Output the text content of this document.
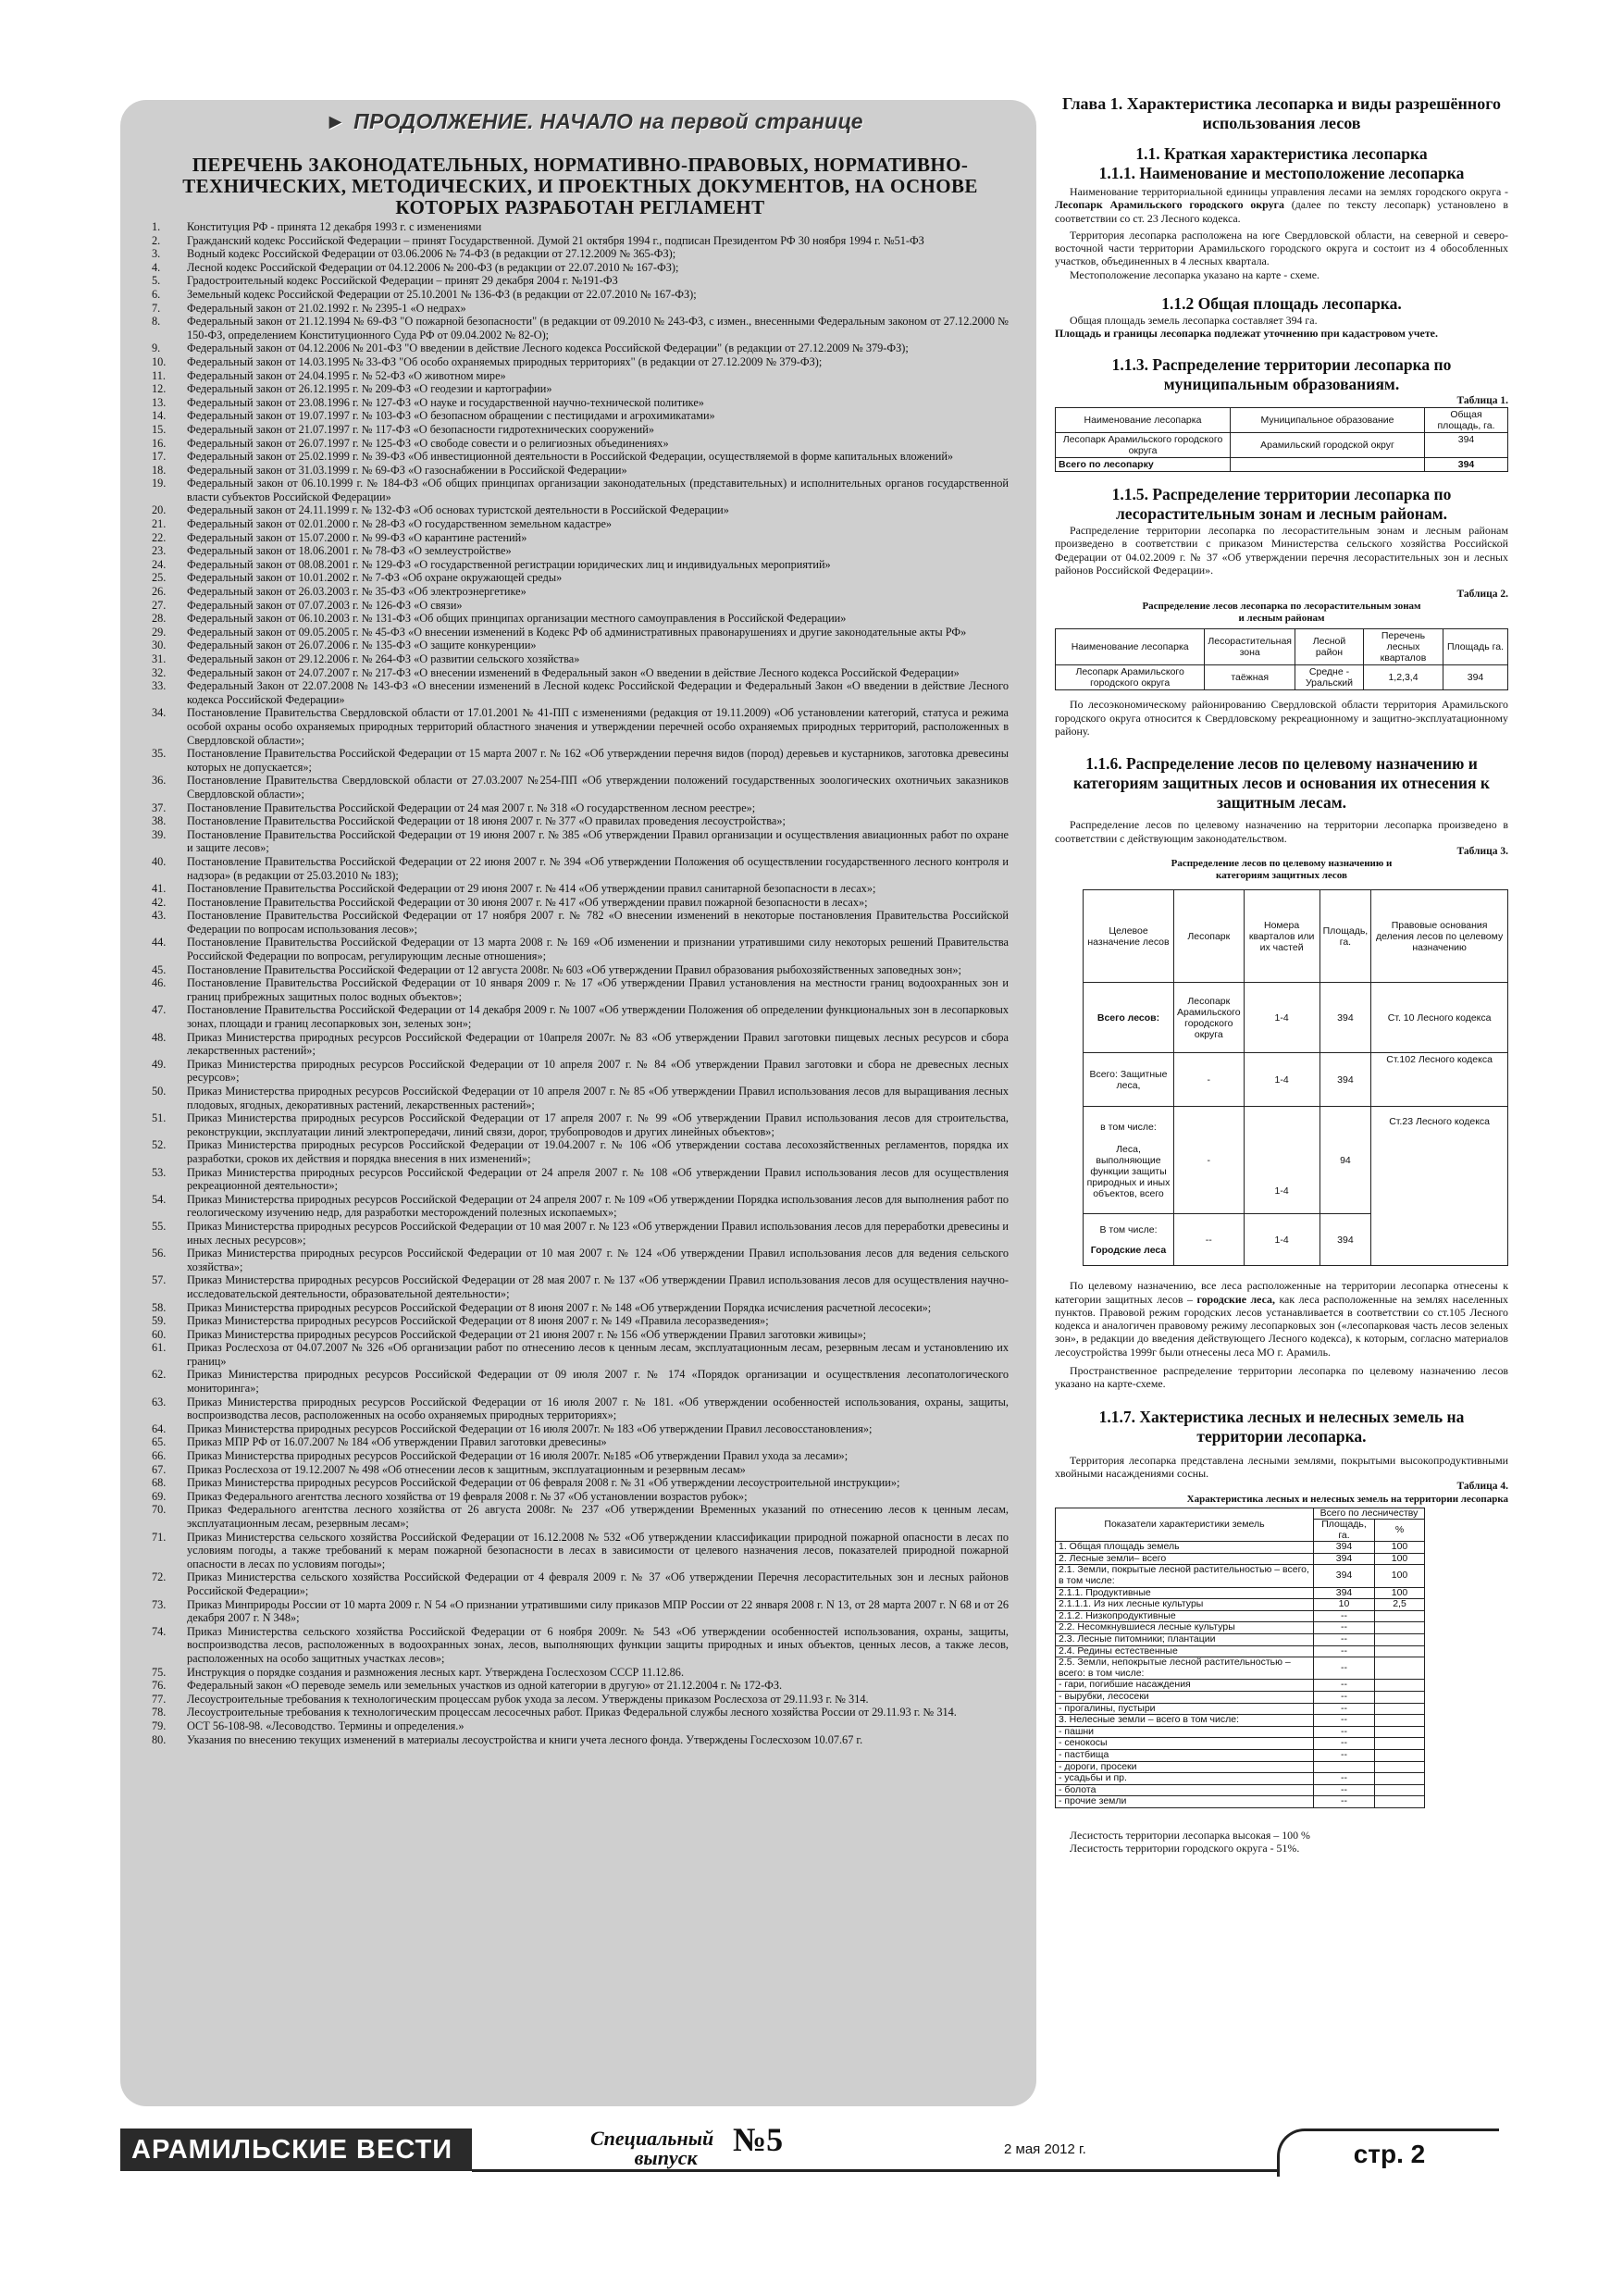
► ПРОДОЛЖЕНИЕ. НАЧАЛО на первой странице
ПЕРЕЧЕНЬ ЗАКОНОДАТЕЛЬНЫХ, НОРМАТИВНО-ПРАВОВЫХ, НОРМАТИВНО- ТЕХНИЧЕСКИХ, МЕТОДИЧЕСКИХ, И ПРОЕКТНЫХ ДОКУМЕНТОВ, НА ОСНОВЕ КОТОРЫХ РАЗРАБОТАН РЕГЛАМЕНТ
1.	Конституция РФ - принята 12 декабря 1993 г. с изменениями
2.	Гражданский кодекс Российской Федерации – принят Государственной. Думой 21 октября 1994 г., подписан Президентом РФ 30 ноября 1994 г. №51-ФЗ
3.	Водный кодекс Российской Федерации от 03.06.2006 № 74-ФЗ (в редакции от 27.12.2009 № 365-ФЗ);
4.	Лесной кодекс Российской Федерации от 04.12.2006 № 200-ФЗ (в редакции от 22.07.2010 № 167-ФЗ);
5.	Градостроительный кодекс Российской Федерации – принят 29 декабря 2004 г. №191-ФЗ
6.	Земельный кодекс Российской Федерации от 25.10.2001 № 136-ФЗ (в редакции от 22.07.2010 № 167-ФЗ);
7.	Федеральный закон от 21.02.1992 г. № 2395-1 «О недрах»
8.	Федеральный закон от 21.12.1994 № 69-ФЗ "О пожарной безопасности" (в редакции от 09.2010 № 243-ФЗ, с измен., внесенными Федеральным законом от 27.12.2000 № 150-ФЗ, определением Конституционного Суда РФ от 09.04.2002 № 82-О);
9.	Федеральный закон от 04.12.2006 № 201-ФЗ "О введении в действие Лесного кодекса Российской Федерации" (в редакции от 27.12.2009 № 379-ФЗ);
10.	Федеральный закон от 14.03.1995 № 33-ФЗ "Об особо охраняемых природных территориях" (в редакции от 27.12.2009 № 379-ФЗ);
11.	Федеральный закон от 24.04.1995 г. № 52-ФЗ «О животном мире»
12.	Федеральный закон от 26.12.1995 г. № 209-ФЗ «О геодезии и картографии»
13.	Федеральный закон от 23.08.1996 г. № 127-ФЗ «О науке и государственной научно-технической политике»
14.	Федеральный закон от 19.07.1997 г. № 103-ФЗ «О безопасном обращении с пестицидами и агрохимикатами»
15.	Федеральный закон от 21.07.1997 г. № 117-ФЗ «О безопасности гидротехнических сооружений»
16.	Федеральный закон от 26.07.1997 г. № 125-ФЗ «О свободе совести и о религиозных объединениях»
17.	Федеральный закон от 25.02.1999 г. № 39-ФЗ «Об инвестиционной деятельности в Российской Федерации, осуществляемой в форме капитальных вложений»
18.	Федеральный закон от 31.03.1999 г. № 69-ФЗ «О газоснабжении в Российской Федерации»
19.	Федеральный закон от 06.10.1999 г. № 184-ФЗ «Об общих принципах организации законодательных (представительных) и исполнительных органов государственной власти субъектов Российской Федерации»
20.	Федеральный закон от 24.11.1999 г. № 132-ФЗ «Об основах туристской деятельности в Российской Федерации»
21.	Федеральный закон от 02.01.2000 г. № 28-ФЗ «О государственном земельном кадастре»
22.	Федеральный закон от 15.07.2000 г. № 99-ФЗ «О карантине растений»
23.	Федеральный закон от 18.06.2001 г. № 78-ФЗ «О землеустройстве»
24.	Федеральный закон от 08.08.2001 г. № 129-ФЗ «О государственной регистрации юридических лиц и индивидуальных мероприятий»
25.	Федеральный закон от 10.01.2002 г. № 7-ФЗ «Об охране окружающей среды»
26.	Федеральный закон от 26.03.2003 г. № 35-ФЗ «Об электроэнергетике»
27.	Федеральный закон от 07.07.2003 г. № 126-ФЗ «О связи»
28.	Федеральный закон от 06.10.2003 г. № 131-ФЗ «Об общих принципах организации местного самоуправления в Российской Федерации»
29.	Федеральный закон от 09.05.2005 г. № 45-ФЗ «О внесении изменений в Кодекс РФ об административных правонарушениях и другие законодательные акты РФ»
30.	Федеральный закон от 26.07.2006 г. № 135-ФЗ «О защите конкуренции»
31.	Федеральный закон от 29.12.2006 г. № 264-ФЗ «О развитии сельского хозяйства»
32.	Федеральный закон от 24.07.2007 г. № 217-ФЗ «О внесении изменений в Федеральный закон «О введении в действие Лесного кодекса Российской Федерации»
33.	Федеральный Закон от 22.07.2008 № 143-ФЗ «О внесении изменений в Лесной кодекс Российской Федерации и Федеральный Закон «О введении в действие Лесного кодекса Российской Федерации»
34.	Постановление Правительства Свердловской области от 17.01.2001 № 41-ПП с изменениями (редакция от 19.11.2009) «Об установлении категорий, статуса и режима особой охраны особо охраняемых природных территорий областного значения и утверждении перечней особо охраняемых природных территорий, расположенных в Свердловской области»;
35.	Постановление Правительства Российской Федерации от 15 марта 2007 г. № 162 «Об утверждении перечня видов (пород) деревьев и кустарников, заготовка древесины которых не допускается»;
36.	Постановление Правительства Свердловской области от 27.03.2007 №254-ПП «Об утверждении положений государственных зоологических охотничьих заказников Свердловской области»;
37.	Постановление Правительства Российской Федерации от 24 мая 2007 г. № 318 «О государственном лесном реестре»;
38.	Постановление Правительства Российской Федерации от 18 июня 2007 г. № 377 «О правилах проведения лесоустройства»;
39.	Постановление Правительства Российской Федерации от 19 июня 2007 г. № 385 «Об утверждении Правил организации и осуществления авиационных работ по охране и защите лесов»;
40.	Постановление Правительства Российской Федерации от 22 июня 2007 г. № 394 «Об утверждении Положения об осуществлении государственного лесного контроля и надзора» (в редакции от 25.03.2010 № 183);
41.	Постановление Правительства Российской Федерации от 29 июня 2007 г. № 414 «Об утверждении правил санитарной безопасности в лесах»;
42.	Постановление Правительства Российской Федерации от 30 июня 2007 г. № 417 «Об утверждении правил пожарной безопасности в лесах»;
43.	Постановление Правительства Российской Федерации от 17 ноября 2007 г. № 782 «О внесении изменений в некоторые постановления Правительства Российской Федерации по вопросам использования лесов»;
44.	Постановление Правительства Российской Федерации от 13 марта 2008 г. № 169 «Об изменении и признании утратившими силу некоторых решений Правительства Российской Федерации по вопросам, регулирующим лесные отношения»;
45.	Постановление Правительства Российской Федерации от 12 августа 2008г. № 603 «Об утверждении Правил образования рыбохозяйственных заповедных зон»;
46.	Постановление Правительства Российской Федерации от 10 января 2009 г. № 17 «Об утверждении Правил установления на местности границ водоохранных зон и границ прибрежных защитных полос водных объектов»;
47.	Постановление Правительства Российской Федерации от 14 декабря 2009 г. № 1007 «Об утверждении Положения об определении функциональных зон в лесопарковых зонах, площади и границ лесопарковых зон, зеленых зон»;
48.	Приказ Министерства природных ресурсов Российской Федерации от 10апреля 2007г. № 83 «Об утверждении Правил заготовки пищевых лесных ресурсов и сбора лекарственных растений»;
49.	Приказ Министерства природных ресурсов Российской Федерации от 10 апреля 2007 г. № 84 «Об утверждении Правил заготовки и сбора не древесных лесных ресурсов»;
50.	Приказ Министерства природных ресурсов Российской Федерации от 10 апреля 2007 г. № 85 «Об утверждении Правил использования лесов для выращивания лесных плодовых, ягодных, декоративных растений, лекарственных растений»;
51.	Приказ Министерства природных ресурсов Российской Федерации от 17 апреля 2007 г. № 99 «Об утверждении Правил использования лесов для строительства, реконструкции, эксплуатации линий электропередачи, линий связи, дорог, трубопроводов и других линейных объектов»;
52.	Приказ Министерства природных ресурсов Российской Федерации от 19.04.2007 г. № 106 «Об утверждении состава лесохозяйственных регламентов, порядка их разработки, сроков их действия и порядка внесения в них изменений»;
53.	Приказ Министерства природных ресурсов Российской Федерации от 24 апреля 2007 г. № 108 «Об утверждении Правил использования лесов для осуществления рекреационной деятельности»;
54.	Приказ Министерства природных ресурсов Российской Федерации от 24 апреля 2007 г. № 109 «Об утверждении Порядка использования лесов для выполнения работ по геологическому изучению недр, для разработки месторождений полезных ископаемых»;
55.	Приказ Министерства природных ресурсов Российской Федерации от 10 мая 2007 г. № 123 «Об утверждении Правил использования лесов для переработки древесины и иных лесных ресурсов»;
56.	Приказ Министерства природных ресурсов Российской Федерации от 10 мая 2007 г. № 124 «Об утверждении Правил использования лесов для ведения сельского хозяйства»;
57.	Приказ Министерства природных ресурсов Российской Федерации от 28 мая 2007 г. № 137 «Об утверждении Правил использования лесов для осуществления научно-исследовательской деятельности, образовательной деятельности»;
58.	Приказ Министерства природных ресурсов Российской Федерации от 8 июня 2007 г. № 148 «Об утверждении Порядка исчисления расчетной лесосеки»;
59.	Приказ Министерства природных ресурсов Российской Федерации от 8 июня 2007 г. № 149 «Правила лесоразведения»;
60.	Приказ Министерства природных ресурсов Российской Федерации от 21 июня 2007 г. № 156 «Об утверждении Правил заготовки живицы»;
61.	Приказ Рослесхоза от 04.07.2007 № 326 «Об организации работ по отнесению лесов к ценным лесам, эксплуатационным лесам, резервным лесам и установлению их границ»
62.	Приказ Министерства природных ресурсов Российской Федерации от 09 июля 2007 г. № 174 «Порядок организации и осуществления лесопатологического мониторинга»;
63.	Приказ Министерства природных ресурсов Российской Федерации от 16 июля 2007 г. № 181. «Об утверждении особенностей использования, охраны, защиты, воспроизводства лесов, расположенных на особо охраняемых природных территориях»;
64.	Приказ Министерства природных ресурсов Российской Федерации от 16 июля 2007г. № 183 «Об утверждении Правил лесовосстановления»;
65.	Приказ МПР РФ от 16.07.2007 № 184 «Об утверждении Правил заготовки древесины»
66.	Приказ Министерства природных ресурсов Российской Федерации от 16 июля 2007г. №185 «Об утверждении Правил ухода за лесами»;
67.	Приказ Рослесхоза от 19.12.2007 № 498 «Об отнесении лесов к защитным, эксплуатационным и резервным лесам»
68.	Приказ Министерства природных ресурсов Российской Федерации от 06 февраля 2008 г. № 31 «Об утверждении лесоустроительной инструкции»;
69.	Приказ Федерального агентства лесного хозяйства от 19 февраля 2008 г. № 37 «Об установлении возрастов рубок»;
70.	Приказ Федерального агентства лесного хозяйства от 26 августа 2008г. № 237 «Об утверждении Временных указаний по отнесению лесов к ценным лесам, эксплуатационным лесам, резервным лесам»;
71.	Приказ Министерства сельского хозяйства Российской Федерации от 16.12.2008 № 532 «Об утверждении классификации природной пожарной опасности в лесах по условиям погоды, а также требований к мерам пожарной безопасности в лесах в зависимости от целевого назначения лесов, показателей природной пожарной опасности в лесах по условиям погоды»;
72.	Приказ Министерства сельского хозяйства Российской Федерации от 4 февраля 2009 г. № 37 «Об утверждении Перечня лесорастительных зон и лесных районов Российской Федерации»;
73.	Приказ Минприроды России от 10 марта 2009 г. N 54 «О признании утратившими силу приказов МПР России от 22 января 2008 г. N 13, от 28 марта 2007 г. N 68 и от 26 декабря 2007 г. N 348»;
74.	Приказ Министерства сельского хозяйства Российской Федерации от 6 ноября 2009г. № 543 «Об утверждении особенностей использования, охраны, защиты, воспроизводства лесов, расположенных в водоохранных зонах, лесов, выполняющих функции защиты природных и иных объектов, ценных лесов, а также лесов, расположенных на особо защитных участках лесов»;
75.	Инструкция о порядке создания и размножения лесных карт. Утверждена Гослесхозом СССР 11.12.86.
76.	Федеральный закон «О переводе земель или земельных участков из одной категории в другую» от 21.12.2004 г. № 172-ФЗ.
77.	Лесоустроительные требования к технологическим процессам рубок ухода за лесом. Утверждены приказом Рослесхоза от 29.11.93 г. № 314.
78.	Лесоустроительные требования к технологическим процессам лесосечных работ. Приказ Федеральной службы лесного хозяйства России от 29.11.93 г. № 314.
79.	ОСТ 56-108-98. «Лесоводство. Термины и определения.»
80.	Указания по внесению текущих изменений в материалы лесоустройства и книги учета лесного фонда. Утверждены Гослесхозом 10.07.67 г.
Глава 1. Характеристика лесопарка и виды разрешённого использования лесов
1.1. Краткая характеристика лесопарка
1.1.1. Наименование и местоположение лесопарка

Наименование территориальной единицы управления лесами на землях городского округа - Лесопарк Арамильского городского округа (далее по тексту лесопарк) установлено в соответствии со ст. 23 Лесного кодекса.

Территория лесопарка расположена на юге Свердловской области, на северной и северо-восточной части территории Арамильского городского округа и состоит из 4 обособленных участков, объединенных в 4 лесных квартала.

Местоположение лесопарка указано на карте - схеме.

1.1.2 Общая площадь лесопарка.

Общая площадь земель лесопарка составляет 394 га.

Площадь и границы лесопарка подлежат уточнению при кадастровом учете.

1.1.3. Распределение территории лесопарка по муниципальным образованиям.
Таблица 1.
Наименование лесопарка	Муниципальное образование	Общая площадь, га.
Лесопарк Арамильского городского округа	Арамильский городской округ	394
Всего по лесопарку		394
1.1.5. Распределение территории лесопарка по лесорастительным зонам и лесным районам.

Распределение территории лесопарка по лесорастительным зонам и лесным районам произведено в соответствии с приказом Министерства сельского хозяйства Российской Федерации от 04.02.2009 г. № 37 «Об утверждении перечня лесорастительных зон и лесных районов Российской Федерации».

Таблица 2.
Распределение лесов лесопарка по лесорастительным зонам и лесным районам
Наименование лесопарка	Лесорастительная зона	Лесной район	Перечень лесных кварталов	Площадь га.
Лесопарк Арамильского городского округа	таёжная	Средне - Уральский	1,2,3,4	394

По лесоэкономическому районированию Свердловской области территория Арамильского городского округа относится к Свердловскому рекреационному и защитно-эксплуатационному району.

1.1.6. Распределение лесов по целевому назначению и категориям защитных лесов и основания их отнесения к защитным лесам.

Распределение лесов по целевому назначению на территории лесопарка произведено в соответствии с действующим законодательством.

Таблица 3.
Распределение лесов по целевому назначению и категориям защитных лесов
Целевое назначение лесов	Лесопарк	Номера кварталов или их частей	Площадь, га.	Правовые основания деления лесов по целевому назначению
Всего лесов:	Лесопарк Арамильского городского округа	1-4	394	Ст. 10 Лесного кодекса
Всего: Защитные леса,	-	1-4	394	Ст.102 Лесного кодекса

в том числе:
Леса, выполняющие функции защиты природных и иных объектов, всего	-	1-4	94	Ст.23 Лесного кодекса

В том числе:
Городские леса	--	1-4	394	

По целевому назначению, все леса расположенные на территории лесопарка отнесены к категории защитных лесов – городские леса, как леса расположенные на землях населенных пунктов. Правовой режим городских лесов устанавливается в соответствии со ст.105 Лесного кодекса и аналогичен правовому режиму лесопарковых зон («лесопарковая часть лесов зеленых зон», в редакции до введения действующего Лесного кодекса), к которым, согласно материалов лесоустройства 1999г были отнесены леса МО г. Арамиль.

Пространственное распределение территории лесопарка по целевому назначению лесов указано на карте-схеме.

1.1.7. Хактеристика лесных и нелесных земель на территории лесопарка.

Территория лесопарка представлена лесными землями, покрытыми высокопродуктивными хвойными насаждениями сосны.

Таблица 4.
Характеристика лесных и нелесных земель на территории лесопарка
Показатели характеристики земель	Всего по лесничеству	
	Площадь, га.	%
1. Общая площадь земель	394	100
2. Лесные земли– всего	394	100
2.1. Земли, покрытые лесной растительностью – всего, в том числе:	394	100
2.1.1. Продуктивные	394	100
2.1.1.1. Из них лесные культуры	10	2,5
2.1.2. Низкопродуктивные	--	
2.2. Несомкнувшиеся лесные культуры	--	
2.3. Лесные питомники; плантации	--	
2.4. Редины естественные	--	
2.5. Земли, непокрытые лесной растительностью – всего: в том числе:	--	
- гари, погибшие насаждения	--	
- вырубки, лесосеки	--	
- прогалины, пустыри	--	
3. Нелесные земли – всего в том числе:	--	
- пашни	--	
- сенокосы	--	
- пастбища	--	
- дороги, просеки		
- усадьбы и пр.	--	
- болота	--	
- прочие земли	--	

Лесистость территории лесопарка высокая – 100 %

Лесистость территории городского округа - 51%.

АРАМИЛЬСКИЕ ВЕСТИ	Специальный
выпуск	№5	2 мая 2012 г.	стр. 2
